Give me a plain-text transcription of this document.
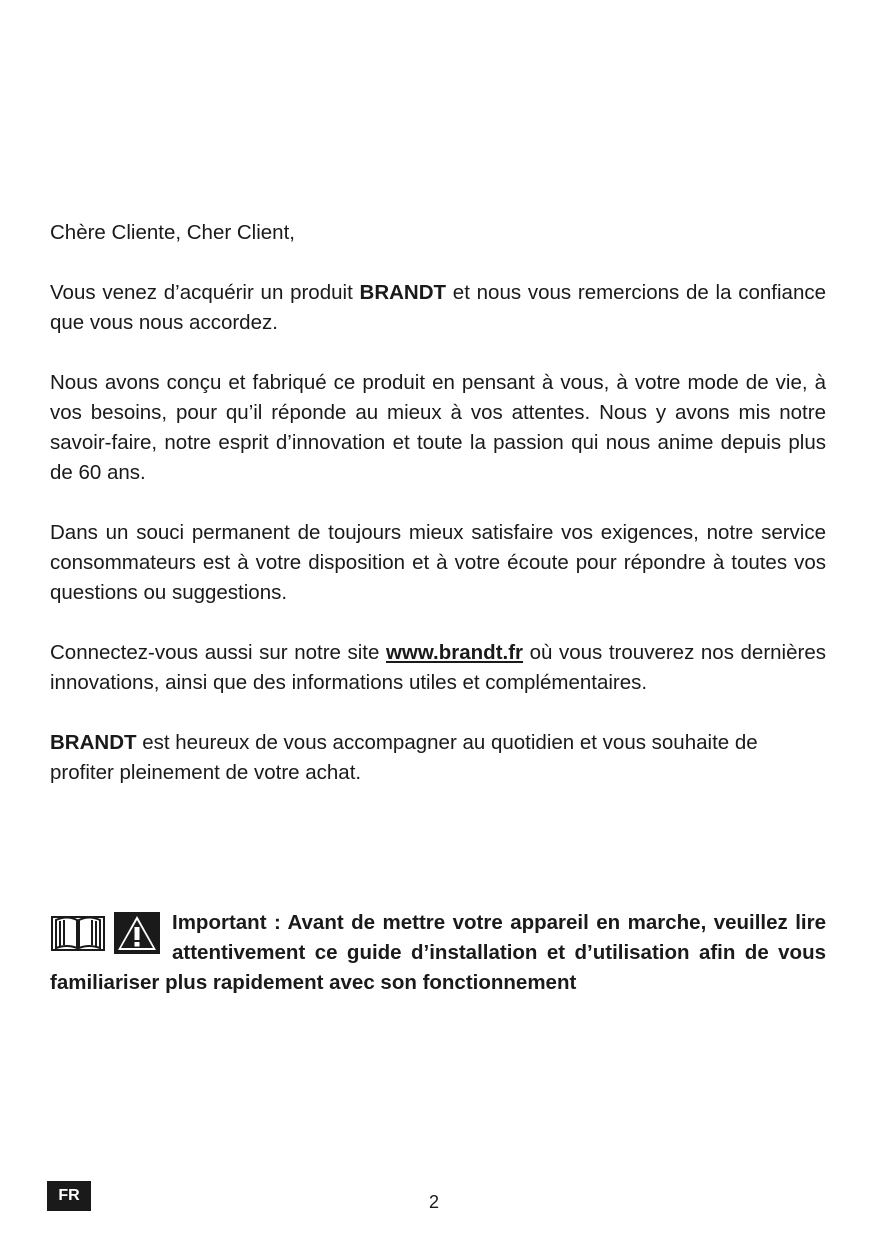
Chère Cliente, Cher Client,

Vous venez d’acquérir un produit BRANDT et nous vous remercions de la confiance que vous nous accordez.

Nous avons conçu et fabriqué ce produit en pensant à vous, à votre mode de vie, à vos besoins, pour qu’il réponde au mieux à vos attentes. Nous y avons mis notre savoir-faire, notre esprit d’innovation et toute la passion qui nous anime depuis plus de 60 ans.

Dans un souci permanent de toujours mieux satisfaire vos exigences, notre service consommateurs est à votre disposition et à votre écoute pour répondre à toutes vos questions ou suggestions.

Connectez-vous aussi sur notre site www.brandt.fr où vous trouverez nos dernières innovations, ainsi que des informations utiles et complémentaires.

BRANDT est heureux de vous accompagner au quotidien et vous souhaite de profiter pleinement de votre achat.

Important : Avant de mettre votre appareil en marche, veuillez lire attentivement ce guide d’installation et d’utilisation afin de vous familiariser plus rapidement avec son fonctionnement
FR	2
